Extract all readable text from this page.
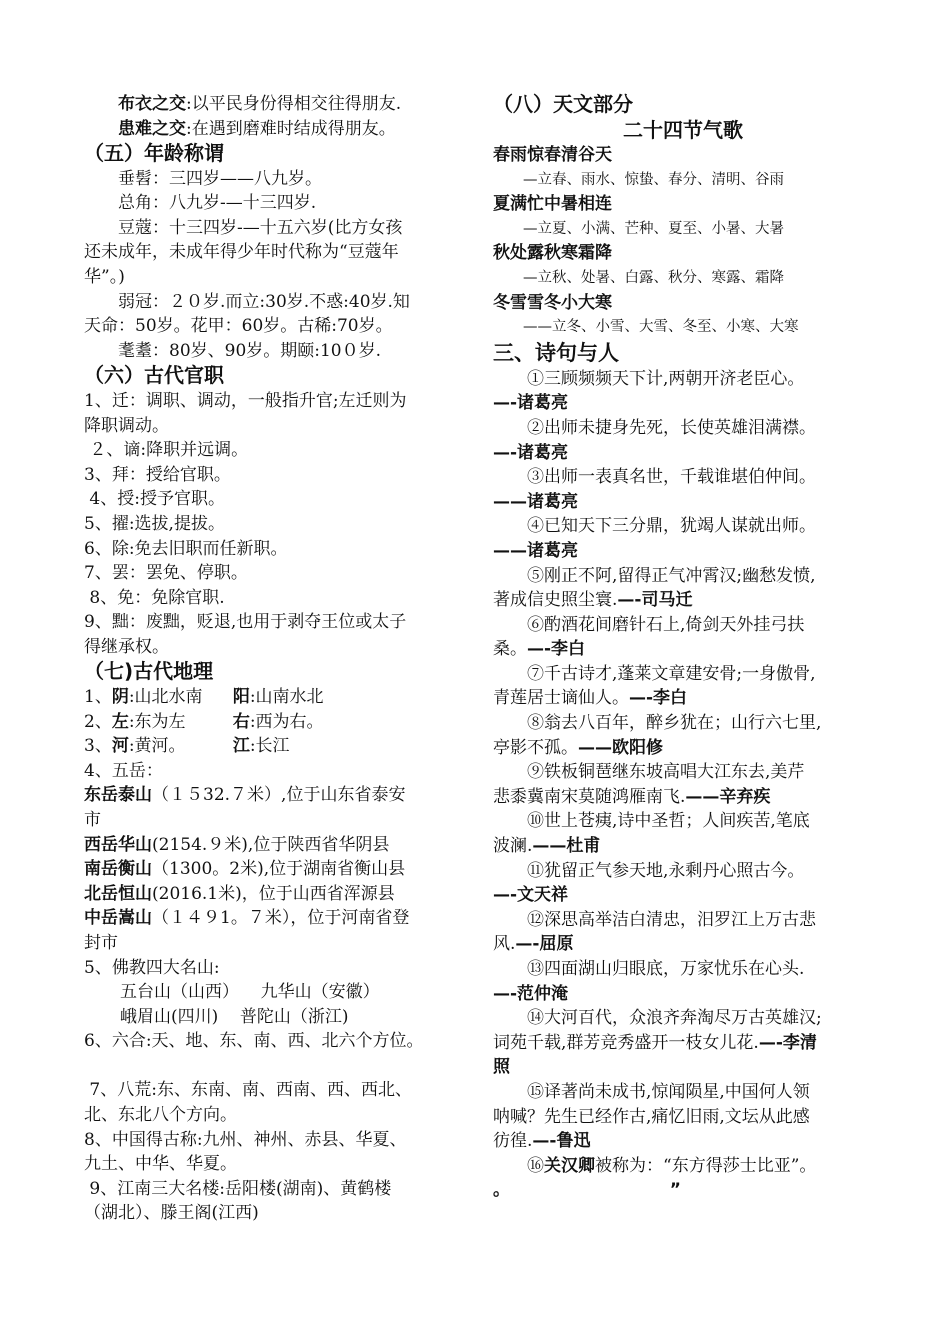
布衣之交:以平民身份得相交往得朋友.

患难之交:在遇到磨难时结成得朋友。

（五）年龄称谓

垂髫：三四岁——八九岁。

总角：八九岁-—十三四岁.

豆蔻：十三四岁-—十五六岁(比方女孩

还未成年，未成年得少年时代称为“豆蔻年

华”。)

弱冠：２０岁.而立:30岁.不惑:40岁.知

天命：50岁。花甲：60岁。古稀:70岁。

耄耋：80岁、90岁。期颐:10０岁.

（六）古代官职

1、迁：调职、调动，一般指升官;左迁则为

降职调动。

２、谪:降职并远调。

3、拜：授给官职。

4、授:授予官职。

5、擢:选拔,提拔。

6、除:免去旧职而任新职。

7、罢：罢免、停职。

8、免：免除官职.

9、黜：废黜，贬退,也用于剥夺王位或太子

得继承权。

（七)古代地理

1、阴:山北水南 阳:山南水北

2、左:东为左	右:西为右。

3、河:黄河。	江:长江

4、五岳：

东岳泰山（１５32.７米）,位于山东省泰安

市

西岳华山(2154.９米),位于陕西省华阴县

南岳衡山（1300。2米),位于湖南省衡山县

北岳恒山(2016.1米)，位于山西省浑源县

中岳嵩山（１４９1。７米），位于河南省登

封市

5、佛教四大名山:

五台山（山西）    九华山（安徽）

峨眉山(四川)    普陀山（浙江)

6、六合:天、地、东、南、西、北六个方位。

7、八荒:东、东南、南、西南、西、西北、

北、东北八个方向。

8、中国得古称:九州、神州、赤县、华夏、

九土、中华、华夏。

9、江南三大名楼:岳阳楼(湖南)、黄鹤楼

（湖北）、滕王阁(江西)

（八）天文部分

二十四节气歌

春雨惊春清谷天

—立春、雨水、惊蛰、春分、清明、谷雨

夏满忙中暑相连

—立夏、小满、芒种、夏至、小暑、大暑

秋处露秋寒霜降

—立秋、处暑、白露、秋分、寒露、霜降

冬雪雪冬小大寒

——立冬、小雪、大雪、冬至、小寒、大寒

三、诗句与人

①三顾频频天下计,两朝开济老臣心。

—-诸葛亮

②出师未捷身先死，长使英雄泪满襟。

—-诸葛亮

③出师一表真名世，千载谁堪伯仲间。

——诸葛亮

④已知天下三分鼎，犹竭人谋就出师。

——诸葛亮

⑤刚正不阿,留得正气冲霄汉;幽愁发愤,

著成信史照尘寰.—-司马迁

⑥酌酒花间磨针石上,倚剑天外挂弓扶

桑。—-李白

⑦千古诗才,蓬莱文章建安骨;一身傲骨,

青莲居士谪仙人。—-李白

⑧翁去八百年，醉乡犹在；山行六七里,

亭影不孤。——欧阳修

⑨铁板铜琶继东坡高唱大江东去,美芹

悲黍冀南宋莫随鸿雁南飞.——辛弃疾

⑩世上苍痍,诗中圣哲；人间疾苦,笔底

波澜.——杜甫

⑪犹留正气参天地,永剩丹心照古今。

—-文天祥

⑫深思高举洁白清忠，汨罗江上万古悲

风.—-屈原

⑬四面湖山归眼底，万家忧乐在心头.

—-范仲淹

⑭大河百代，众浪齐奔淘尽万古英雄汉;

词苑千载,群芳竞秀盛开一枝女儿花.—-李清

照

⑮译著尚未成书,惊闻陨星,中国何人领

呐喊？先生已经作古,痛忆旧雨,文坛从此感

彷徨.—-鲁迅

⑯关汉卿被称为：“东方得莎士比亚”。

。                           ”
